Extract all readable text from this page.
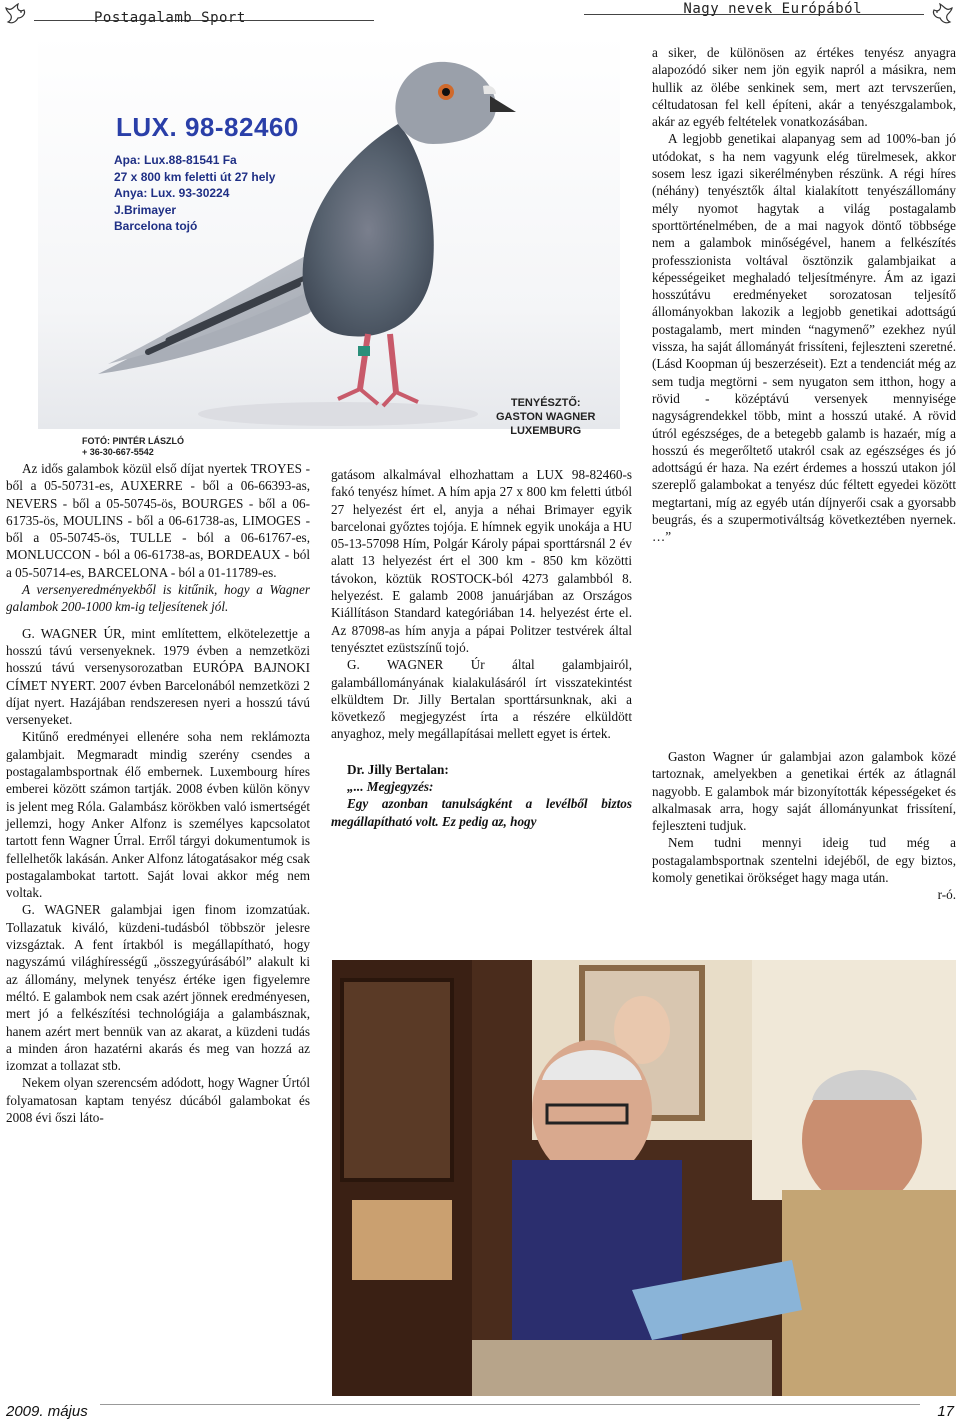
Postagalamb Sport
Nagy nevek Európából
LUX. 98-82460
Apa: Lux.88-81541 Fa
27 x 800 km feletti út 27 hely
Anya: Lux. 93-30224
J.Brimayer
Barcelona tojó
TENYÉSZTŐ:
GASTON WAGNER
LUXEMBURG
FOTÓ: PINTÉR LÁSZLÓ
+ 36-30-667-5542

Az idős galambok közül első díjat nyertek TROYES - ből a 05-50731-es, AUXERRE - ből a 06-66393-as, NEVERS - ből a 05-50745-ös, BOURGES - ből a 06-61735-ös, MOULINS - ből a 06-61738-as, LIMOGES - ből a 05-50745-ös, TULLE - ból a 06-61767-es, MONLUCCON - ból a 06-61738-as, BORDEAUX - ból a 05-50714-es, BARCELONA - ból a 01-11789-es.

A versenyeredményekből is kitűnik, hogy a Wagner galambok 200-1000 km-ig teljesítenek jól.

G. WAGNER ÚR, mint említettem, elkötelezettje a hosszú távú versenyeknek. 1979 évben a nemzetközi hosszú távú versenysorozatban EURÓPA BAJNOKI CÍMET NYERT. 2007 évben Barcelonából nemzetközi 2 díjat nyert. Hazájában rendszeresen nyeri a hosszú távú versenyeket.

Kitűnő eredményei ellenére soha nem reklámozta galambjait. Megmaradt mindig szerény csendes a postagalambsportnak élő embernek. Luxembourg híres emberei között számon tartják. 2008 évben külön könyv is jelent meg Róla. Galambász körökben való ismertségét jellemzi, hogy Anker Alfonz is személyes kapcsolatot tartott fenn Wagner Úrral. Erről tárgyi dokumentumok is fellelhetők lakásán. Anker Alfonz látogatásakor még csak postagalambokat tartott. Saját lovai akkor még nem voltak.

G. WAGNER galambjai igen finom izomzatúak. Tollazatuk kiváló, küzdeni-tudásból többször jelesre vizsgáztak. A fent írtakból is megállapítható, hogy nagyszámú világhírességű „összegyúrásából” alakult ki az állomány, melynek tenyész értéke igen figyelemre méltó. E galambok nem csak azért jönnek eredményesen, mert jó a felkészítési technológiája a galambásznak, hanem azért mert bennük van az akarat, a küzdeni tudás a minden áron hazatérni akarás és meg van hozzá az izomzat a tollazat stb.

Nekem olyan szerencsém adódott, hogy Wagner Úrtól folyamatosan kaptam tenyész dúcából galambokat és 2008 évi őszi láto-

gatásom alkalmával elhozhattam a LUX 98-82460-s fakó tenyész hímet. A hím apja 27 x 800 km feletti útból 27 helyezést ért el, anyja a néhai Brimayer egyik barcelonai győztes tojója. E hímnek egyik unokája a HU 05-13-57098 Hím, Polgár Károly pápai sporttársnál 2 év alatt 13 helyezést ért el 300 km - 850 km közötti távokon, köztük ROSTOCK-ból 4273 galambból 8. helyezést. E galamb 2008 januárjában az Országos Kiállításon Standard kategóriában 14. helyezést érte el. Az 87098-as hím anyja a pápai Politzer testvérek által tenyésztet ezüstszínű tojó.

G. WAGNER Úr által galambjairól, galambállományának kialakulásáról írt visszatekintést elküldtem Dr. Jilly Bertalan sporttársunknak, aki a következő megjegyzést írta a részére elküldött anyaghoz, mely megállapításai mellett egyet is értek.

Dr. Jilly Bertalan:

„... Megjegyzés:

Egy azonban tanulságként a levélből biztos megállapítható volt. Ez pedig az, hogy

a siker, de különösen az értékes tenyész anyagra alapozódó siker nem jön egyik napról a másikra, nem hullik az ölébe senkinek sem, mert azt tervszerűen, céltudatosan fel kell építeni, akár a tenyészgalambok, akár az egyéb feltételek vonatkozásában.

A legjobb genetikai alapanyag sem ad 100%-ban jó utódokat, s ha nem vagyunk elég türelmesek, akkor sosem lesz igazi sikerélményben részünk. A régi híres (néhány) tenyésztők által kialakított tenyészállomány mély nyomot hagytak a világ postagalamb sporttörténelmében, de a mai nagyok döntő többsége nem a galambok minőségével, hanem a felkészítés professzionista voltával ösztönzik galambjaikat a képességeiket meghaladó teljesítményre. Ám az igazi hosszútávu eredményeket sorozatosan teljesítő állományokban lakozik a legjobb genetikai adottságú postagalamb, mert minden “nagymenő” ezekhez nyúl vissza, ha saját állományát frissíteni, fejleszteni szeretné. (Lásd Koopman új beszerzéseit). Ezt a tendenciát még az sem tudja megtörni - sem nyugaton sem itthon, hogy a rövid - középtávú versenyek mennyisége nagyságrendekkel több, mint a hosszú utaké. A rövid útról egészséges, de a betegebb galamb is hazaér, míg a hosszú és megerőltető utakról csak az egészséges és jó adottságú ér haza. Na ezért érdemes a hosszú utakon jól szereplő galambokat a tenyész dúc féltett egyedei között megtartani, míg az egyéb után díjnyerői csak a gyorsabb beugrás, és a szupermotiváltság következtében nyernek. …”

Gaston Wagner úr galambjai azon galambok közé tartoznak, amelyekben a genetikai érték az átlagnál nagyobb. E galambok már bizonyították képességeket és alkalmasak arra, hogy saját állományunkat frissítení, fejleszteni tudjuk.

Nem tudni mennyi ideig tud még a postagalambsportnak szentelni idejéből, de egy biztos, komoly genetikai örökséget hagy maga után.

r-ó.

2009. május	17
